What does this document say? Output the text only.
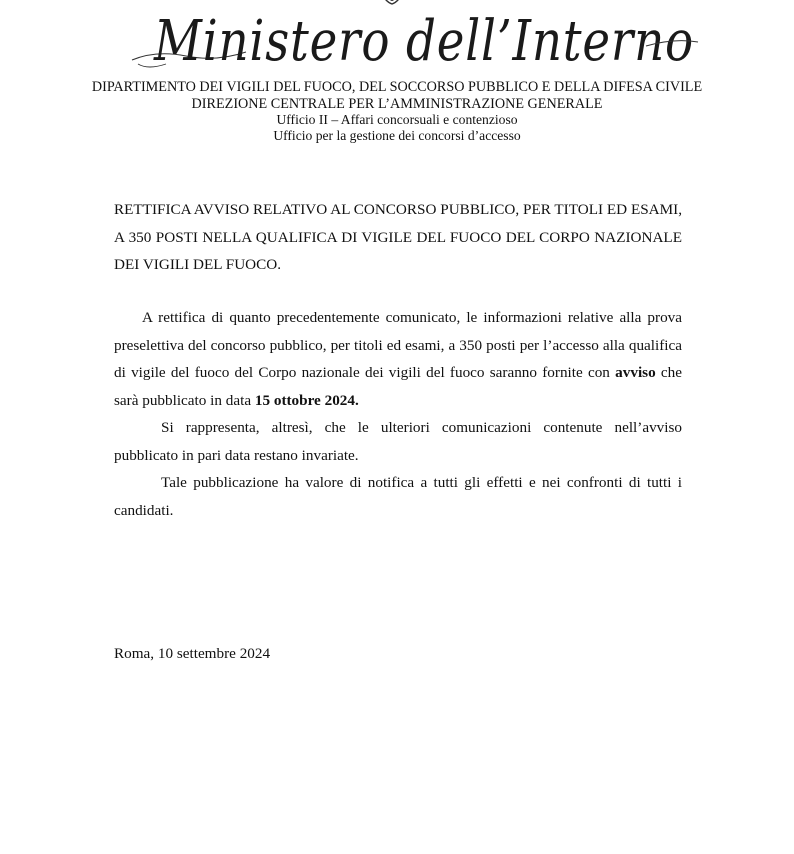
Ministero dell’Interno
DIPARTIMENTO DEI VIGILI DEL FUOCO, DEL SOCCORSO PUBBLICO E DELLA DIFESA CIVILE
DIREZIONE CENTRALE PER L’AMMINISTRAZIONE GENERALE
Ufficio II – Affari concorsuali e contenzioso
Ufficio per la gestione dei concorsi d’accesso
RETTIFICA AVVISO RELATIVO AL CONCORSO PUBBLICO, PER TITOLI ED ESAMI, A 350 POSTI NELLA QUALIFICA DI VIGILE DEL FUOCO DEL CORPO NAZIONALE DEI VIGILI DEL FUOCO.
A rettifica di quanto precedentemente comunicato, le informazioni relative alla prova preselettiva del concorso pubblico, per titoli ed esami, a 350 posti per l’accesso alla qualifica di vigile del fuoco del Corpo nazionale dei vigili del fuoco saranno fornite con avviso che sarà pubblicato in data 15 ottobre 2024.
Si rappresenta, altresì, che le ulteriori comunicazioni contenute nell’avviso pubblicato in pari data restano invariate.
Tale pubblicazione ha valore di notifica a tutti gli effetti e nei confronti di tutti i candidati.
Roma, 10 settembre 2024
